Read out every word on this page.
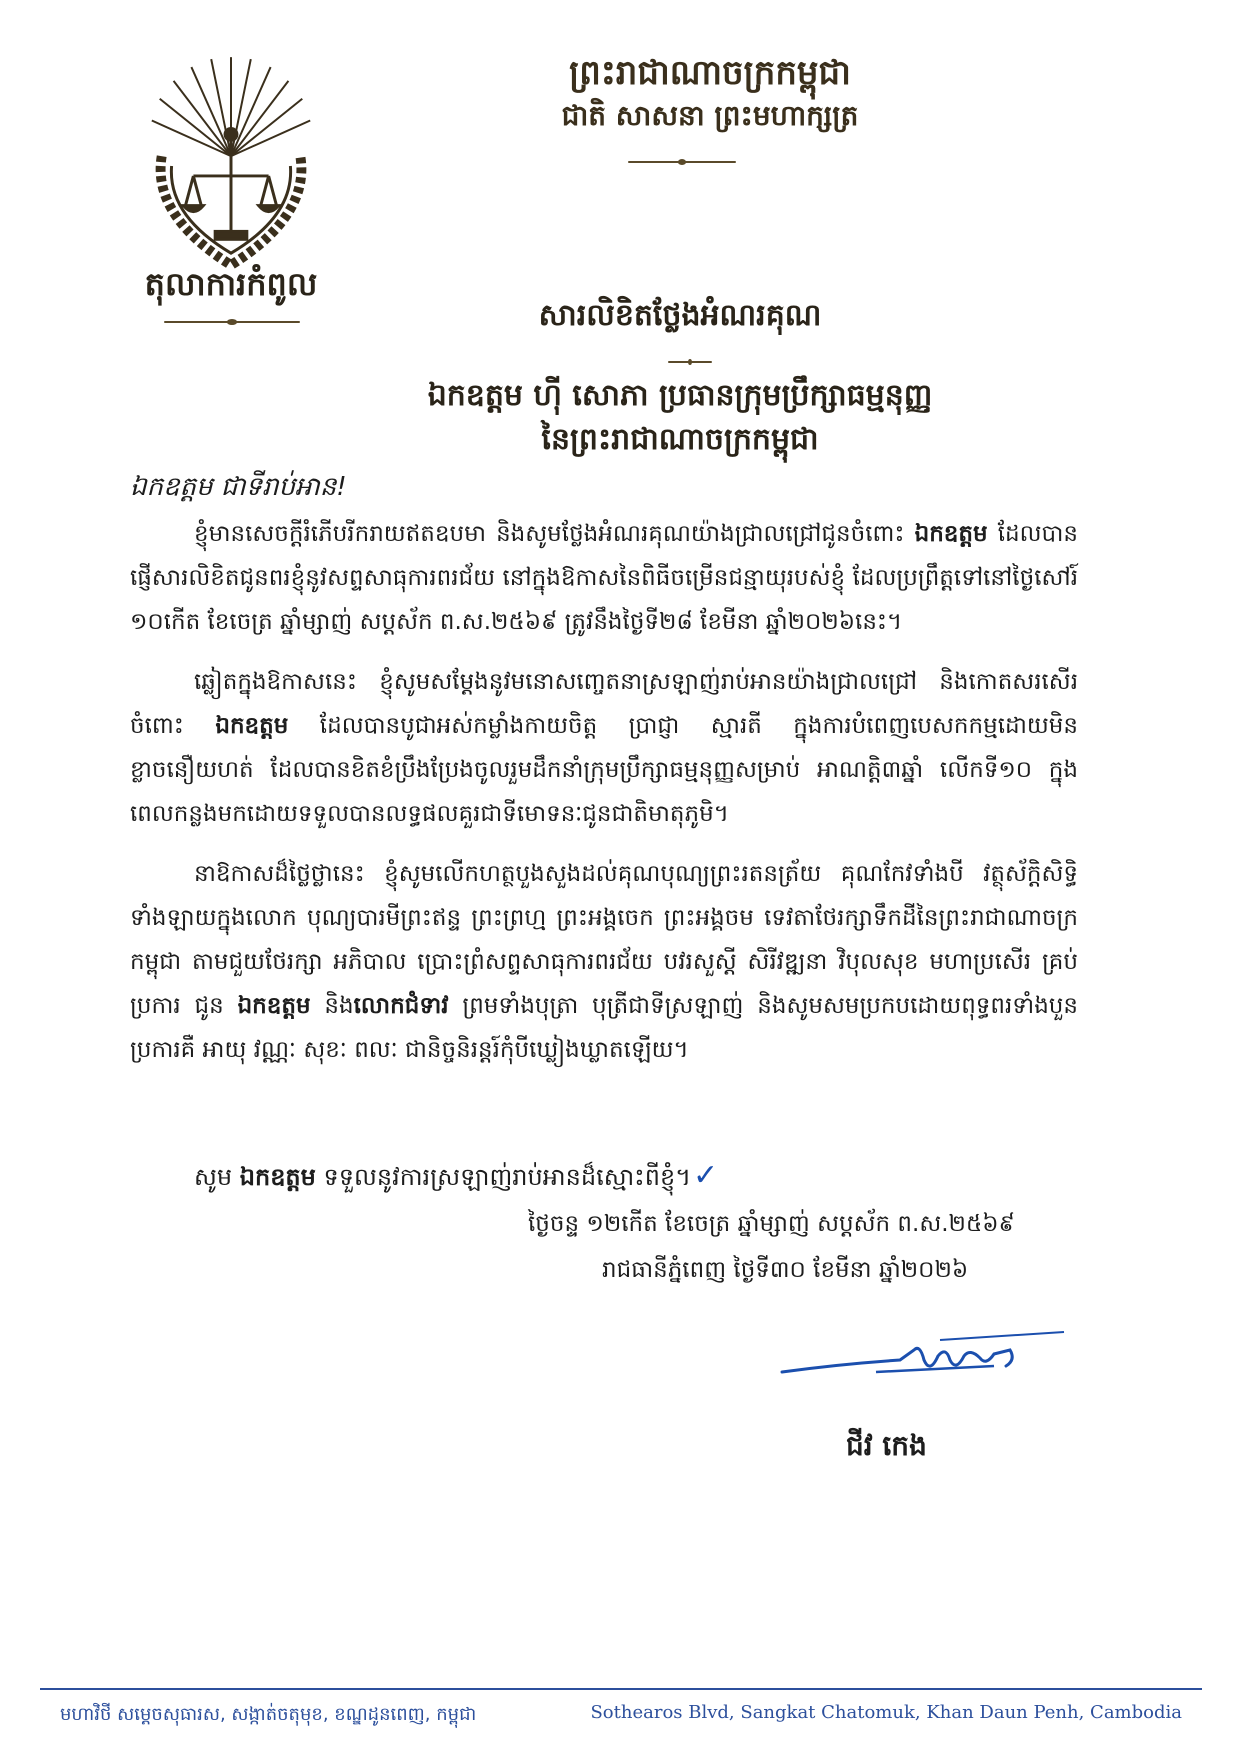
តុលាការកំពូល
ព្រះរាជាណាចក្រកម្ពុជា
ជាតិ សាសនា ព្រះមហាក្សត្រ
សារលិខិតថ្លែងអំណរគុណ
ឯកឧត្តម ហ៊ី សោភា ប្រធានក្រុមប្រឹក្សាធម្មនុញ្ញ
នៃព្រះរាជាណាចក្រកម្ពុជា
ឯកឧត្តម ជាទីរាប់អាន!

ខ្ញុំមានសេចក្តីរំភើបរីករាយឥតឧបមា និងសូមថ្លែងអំណរគុណយ៉ាងជ្រាលជ្រៅជូនចំពោះ ឯកឧត្តម ដែលបានផ្ញើសារលិខិតជូនពរខ្ញុំនូវសព្ទសាធុការពរជ័យ នៅក្នុងឱកាសនៃពិធីចម្រើនជន្មាយុរបស់ខ្ញុំ ដែលប្រព្រឹត្តទៅនៅថ្ងៃសៅរ៍ ១០កើត ខែចេត្រ ឆ្នាំម្សាញ់ សប្តស័ក ព.ស.២៥៦៩ ត្រូវនឹងថ្ងៃទី២៨ ខែមីនា ឆ្នាំ២០២៦នេះ។

ឆ្លៀតក្នុងឱកាសនេះ ខ្ញុំសូមសម្តែងនូវមនោសញ្ចេតនាស្រឡាញ់រាប់អានយ៉ាងជ្រាលជ្រៅ និងកោតសរសើរចំពោះ ឯកឧត្តម ដែលបានបូជាអស់កម្លាំងកាយចិត្ត ប្រាជ្ញា ស្មារតី ក្នុងការបំពេញបេសកកម្មដោយមិនខ្លាចនឿយហត់ ដែលបានខិតខំប្រឹងប្រែងចូលរួមដឹកនាំក្រុមប្រឹក្សាធម្មនុញ្ញសម្រាប់ អាណត្តិ៣ឆ្នាំ លើកទី១០ ក្នុងពេលកន្លងមកដោយទទួលបានលទ្ធផលគួរជាទីមោទនៈជូនជាតិមាតុភូមិ។

នាឱកាសដ៏ថ្លៃថ្លានេះ ខ្ញុំសូមលើកហត្ថបួងសួងដល់គុណបុណ្យព្រះរតនត្រ័យ គុណកែវទាំងបី វត្ថុស័ក្តិសិទ្ធិទាំងឡាយក្នុងលោក បុណ្យបារមីព្រះឥន្ទ ព្រះព្រហ្ម ព្រះអង្គចេក ព្រះអង្គចម ទេវតាថែរក្សាទឹកដីនៃព្រះរាជាណាចក្រកម្ពុជា តាមជួយថែរក្សា អភិបាល ប្រោះព្រំសព្ទសាធុការពរជ័យ បវរសួស្តី សិរីវឌ្ឍនា វិបុលសុខ មហាប្រសើរ គ្រប់ប្រការ ជូន ឯកឧត្តម និងលោកជំទាវ ព្រមទាំងបុត្រា បុត្រីជាទីស្រឡាញ់ និងសូមសមប្រកបដោយពុទ្ធពរទាំងបួនប្រការគឺ អាយុ វណ្ណៈ សុខៈ ពលៈ ជានិច្ចនិរន្តរ៍កុំបីឃ្លៀងឃ្លាតឡើយ។

សូម ឯកឧត្តម ទទួលនូវការស្រឡាញ់រាប់អានដ៏ស្មោះពីខ្ញុំ។✓
ថ្ងៃចន្ទ ១២កើត ខែចេត្រ ឆ្នាំម្សាញ់ សប្តស័ក ព.ស.២៥៦៩
រាជធានីភ្នំពេញ ថ្ងៃទី៣០ ខែមីនា ឆ្នាំ២០២៦
ជីវ កេង
មហាវិថី សម្តេចសុធារស, សង្កាត់ចតុមុខ, ខណ្ឌដូនពេញ, កម្ពុជា	Sothearos Blvd, Sangkat Chatomuk, Khan Daun Penh, Cambodia
